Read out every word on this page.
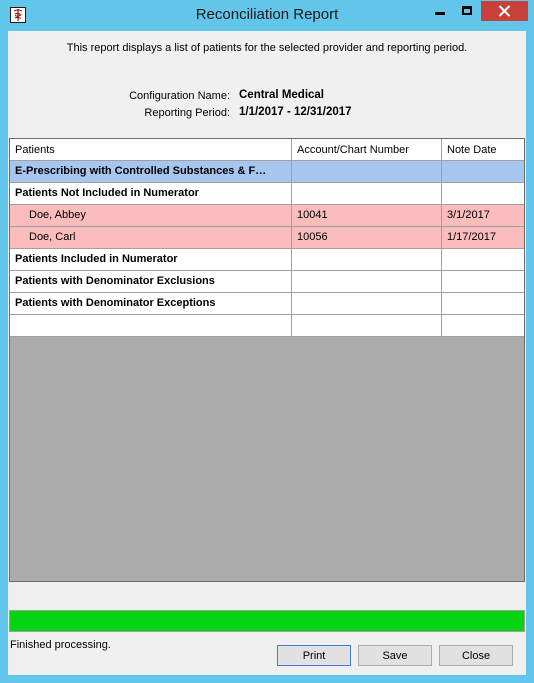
Reconciliation Report
This report displays a list of patients for the selected provider and reporting period.
Configuration Name: Central Medical
Reporting Period: 1/1/2017 - 12/31/2017
Patients	Account/Chart Number	Note Date
E-Prescribing with Controlled Substances & F…
Patients Not Included in Numerator
Doe, Abbey	10041	3/1/2017
Doe, Carl	10056	1/17/2017
Patients Included in Numerator
Patients with Denominator Exclusions
Patients with Denominator Exceptions
Finished processing.
Print	Save	Close
